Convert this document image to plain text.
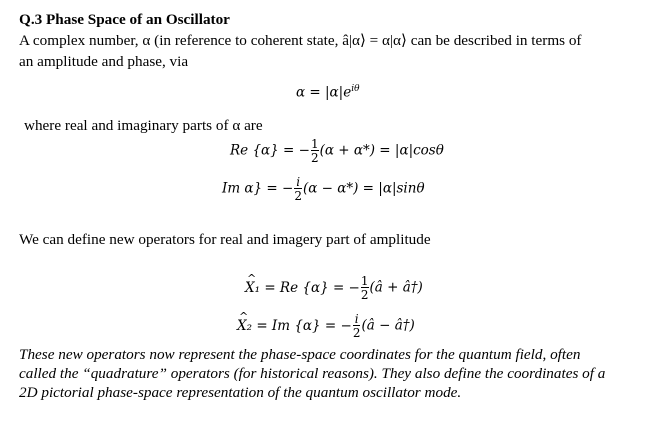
Q.3 Phase Space of an Oscillator
A complex number, α (in reference to coherent state, â|α⟩ = α|α⟩ can be described in terms of
an amplitude and phase, via
$\alpha = |\alpha|e^{i\theta}$
where real and imaginary parts of α are
Re {α} = − $\frac{1}{2} (\alpha + \alpha*) = |\alpha|\cos\theta$
Im α} = − $\frac{i}{2} (\alpha - \alpha*) = |\alpha|\sin\theta$
We can define new operators for real and imagery part of amplitude
^ X₁ = Re {α} = − $\frac{1}{2}$ (â + â†)
^ X₂ = Im {α} = − $\frac{i}{2}$ (â − â†)
These new operators now represent the phase-space coordinates for the quantum field, often
called the “quadrature” operators (for historical reasons). They also define the coordinates of a
2D pictorial phase-space representation of the quantum oscillator mode.
